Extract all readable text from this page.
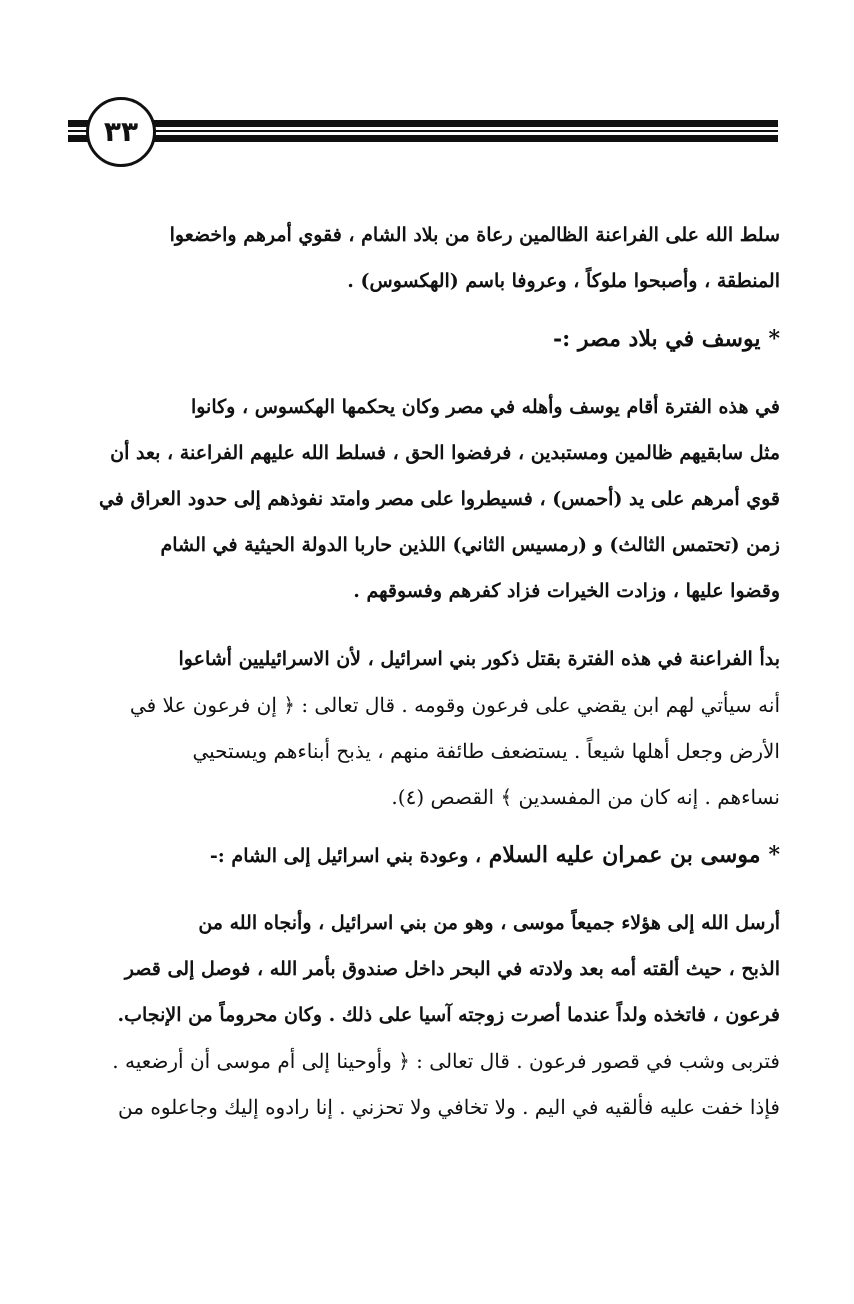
٣٣
سلط الله على الفراعنة الظالمين رعاة من بلاد الشام ، فقوي أمرهم واخضعوا
المنطقة ، وأصبحوا ملوكاً ، وعروفا باسم (الهكسوس) .
*يوسف في بلاد مصر :-
في هذه الفترة أقام يوسف وأهله في مصر وكان يحكمها الهكسوس ، وكانوا
مثل سابقيهم ظالمين ومستبدين ، فرفضوا الحق ، فسلط الله عليهم الفراعنة ، بعد أن
قوي أمرهم على يد (أحمس) ، فسيطروا على مصر وامتد نفوذهم إلى حدود العراق في
زمن (تحتمس الثالث) و (رمسيس الثاني) اللذين حاربا الدولة الحيثية في الشام
وقضوا عليها ، وزادت الخيرات فزاد كفرهم وفسوقهم .
بدأ الفراعنة في هذه الفترة بقتل ذكور بني اسرائيل ، لأن الاسرائيليين أشاعوا
أنه سيأتي لهم ابن يقضي على فرعون وقومه . قال تعالى : ﴿ إن فرعون علا في
الأرض وجعل أهلها شيعاً . يستضعف طائفة منهم ، يذبح أبناءهم ويستحيي
نساءهم . إنه كان من المفسدين ﴾ القصص (٤).
*موسى بن عمران عليه السلام ، وعودة بني اسرائيل إلى الشام :-
أرسل الله إلى هؤلاء جميعاً موسى ، وهو من بني اسرائيل ، وأنجاه الله من
الذبح ، حيث ألقته أمه بعد ولادته في البحر داخل صندوق بأمر الله ، فوصل إلى قصر
فرعون ، فاتخذه ولداً عندما أصرت زوجته آسيا على ذلك . وكان محروماً من الإنجاب.
فتربى وشب في قصور فرعون . قال تعالى : ﴿ وأوحينا إلى أم موسى أن أرضعيه .
فإذا خفت عليه فألقيه في اليم . ولا تخافي ولا تحزني . إنا رادوه إليك وجاعلوه من
